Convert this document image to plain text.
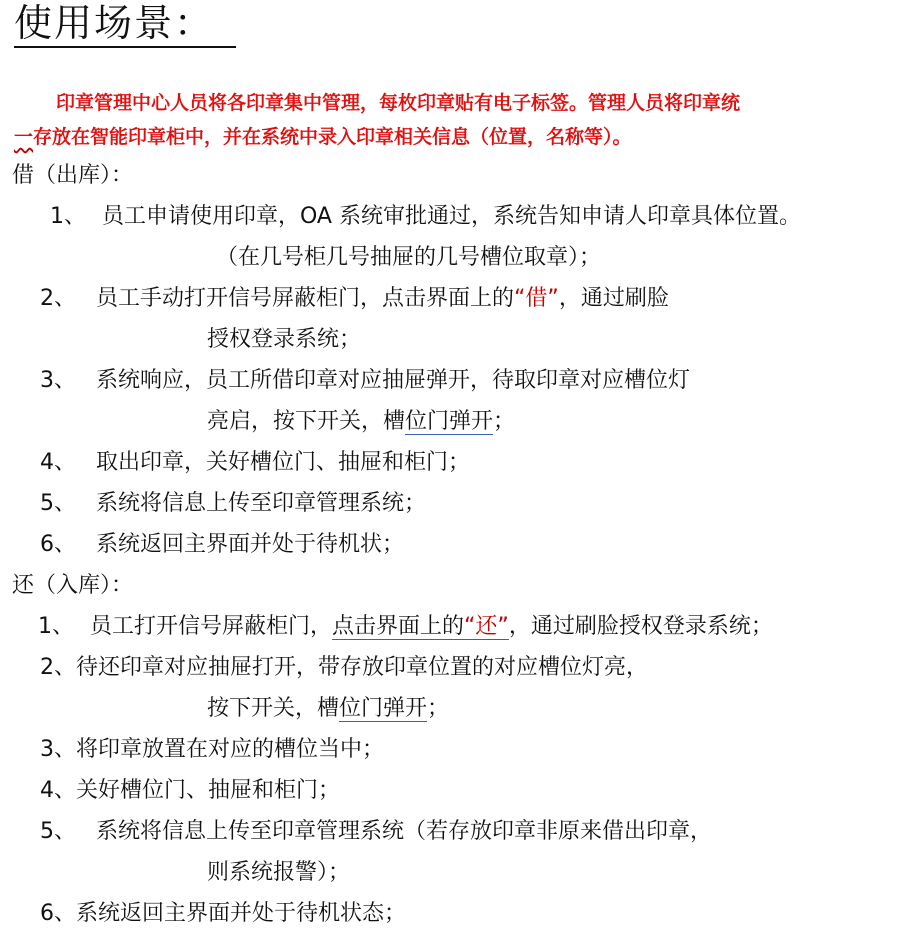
使用场景：
印章管理中心人员将各印章集中管理，每枚印章贴有电子标签。管理人员将印章统
一存放在智能印章柜中，并在系统中录入印章相关信息（位置，名称等）。
借（出库）：
1、 员工申请使用印章，OA 系统审批通过，系统告知申请人印章具体位置。
（在几号柜几号抽屉的几号槽位取章）；
2、 员工手动打开信号屏蔽柜门，点击界面上的“借”，通过刷脸
授权登录系统；
3、 系统响应，员工所借印章对应抽屉弹开，待取印章对应槽位灯
亮启，按下开关，槽位门弹开；
4、 取出印章，关好槽位门、抽屉和柜门；
5、 系统将信息上传至印章管理系统；
6、 系统返回主界面并处于待机状；
还（入库）：
1、 员工打开信号屏蔽柜门，点击界面上的“还”，通过刷脸授权登录系统；
2、待还印章对应抽屉打开，带存放印章位置的对应槽位灯亮，
按下开关，槽位门弹开；
3、将印章放置在对应的槽位当中；
4、关好槽位门、抽屉和柜门；
5、 系统将信息上传至印章管理系统（若存放印章非原来借出印章，
则系统报警）；
6、系统返回主界面并处于待机状态；
